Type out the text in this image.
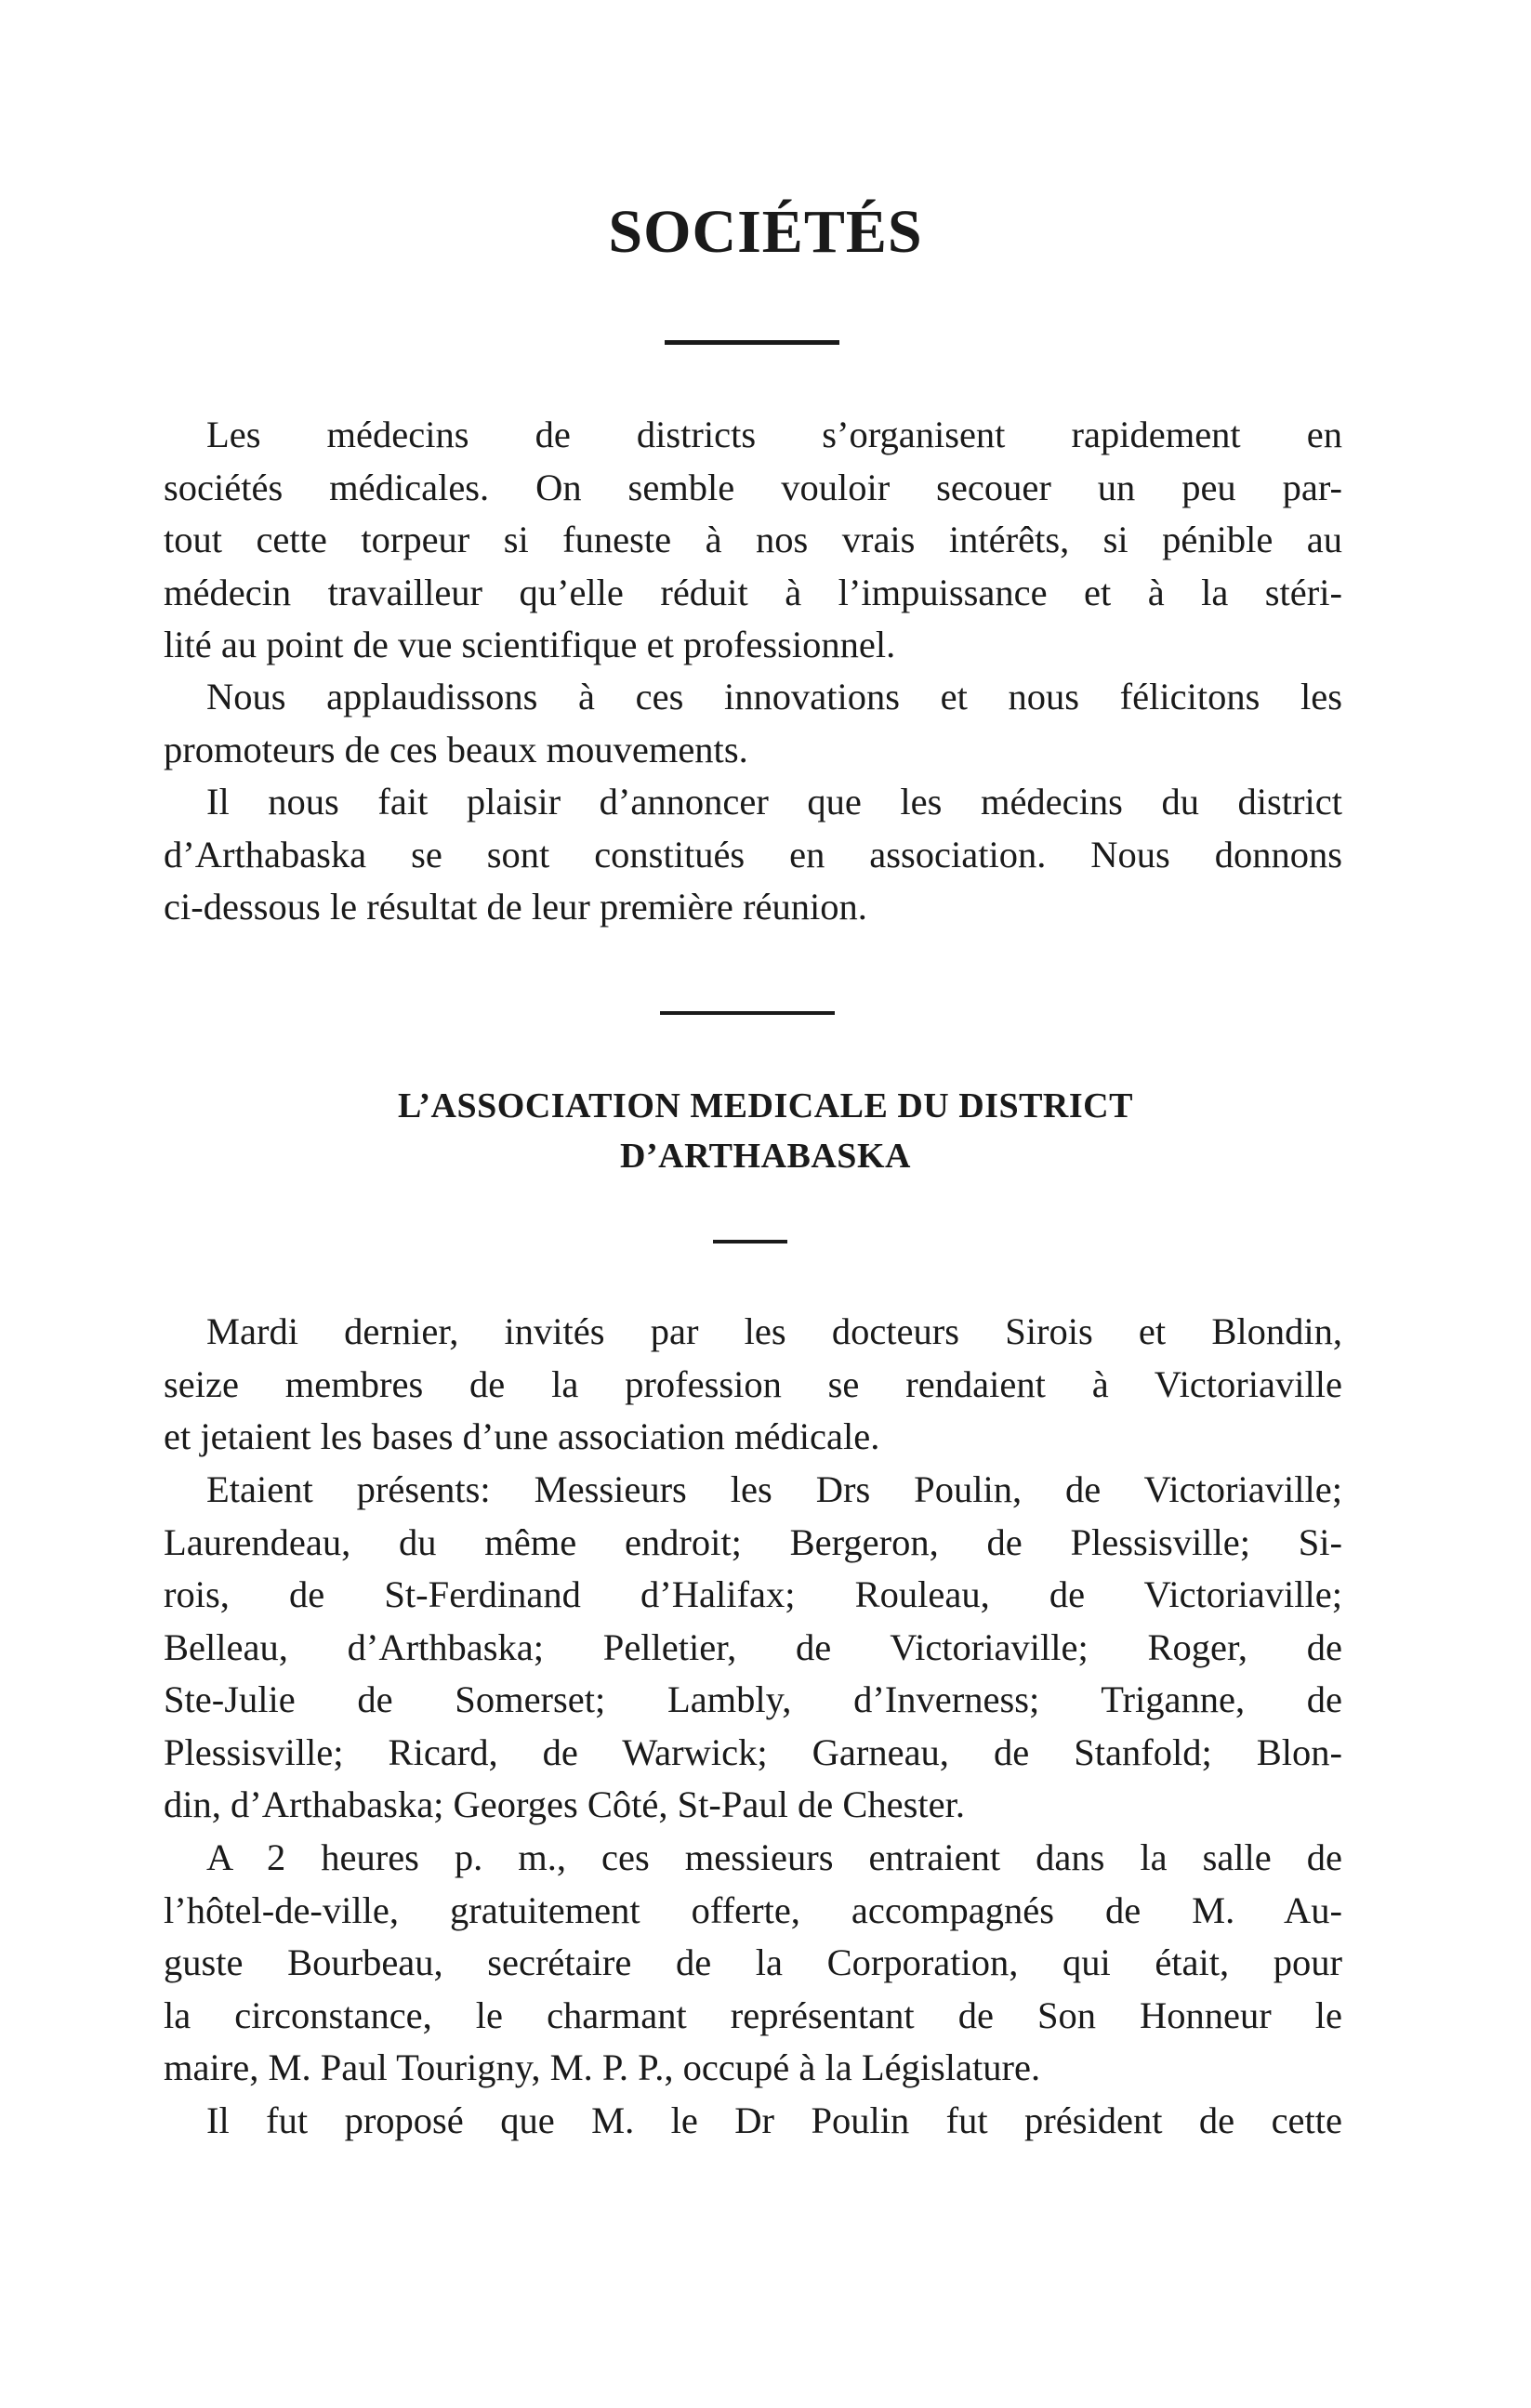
SOCIÉTÉS
Les médecins de districts s’organisent rapidement en
sociétés médicales. On semble vouloir secouer un peu par-
tout cette torpeur si funeste à nos vrais intérêts, si pénible au
médecin travailleur qu’elle réduit à l’impuissance et à la stéri-
lité au point de vue scientifique et professionnel.
Nous applaudissons à ces innovations et nous félicitons les
promoteurs de ces beaux mouvements.
Il nous fait plaisir d’annoncer que les médecins du district
d’Arthabaska se sont constitués en association. Nous donnons
ci-dessous le résultat de leur première réunion.
L’ASSOCIATION MEDICALE DU DISTRICT
D’ARTHABASKA
Mardi dernier, invités par les docteurs Sirois et Blondin,
seize membres de la profession se rendaient à Victoriaville
et jetaient les bases d’une association médicale.
Etaient présents: Messieurs les Drs Poulin, de Victoriaville;
Laurendeau, du même endroit; Bergeron, de Plessisville; Si-
rois, de St-Ferdinand d’Halifax; Rouleau, de Victoriaville;
Belleau, d’Arthbaska; Pelletier, de Victoriaville; Roger, de
Ste-Julie de Somerset; Lambly, d’Inverness; Triganne, de
Plessisville; Ricard, de Warwick; Garneau, de Stanfold; Blon-
din, d’Arthabaska; Georges Côté, St-Paul de Chester.
A 2 heures p. m., ces messieurs entraient dans la salle de
l’hôtel-de-ville, gratuitement offerte, accompagnés de M. Au-
guste Bourbeau, secrétaire de la Corporation, qui était, pour
la circonstance, le charmant représentant de Son Honneur le
maire, M. Paul Tourigny, M. P. P., occupé à la Législature.
Il fut proposé que M. le Dr Poulin fut président de cette
